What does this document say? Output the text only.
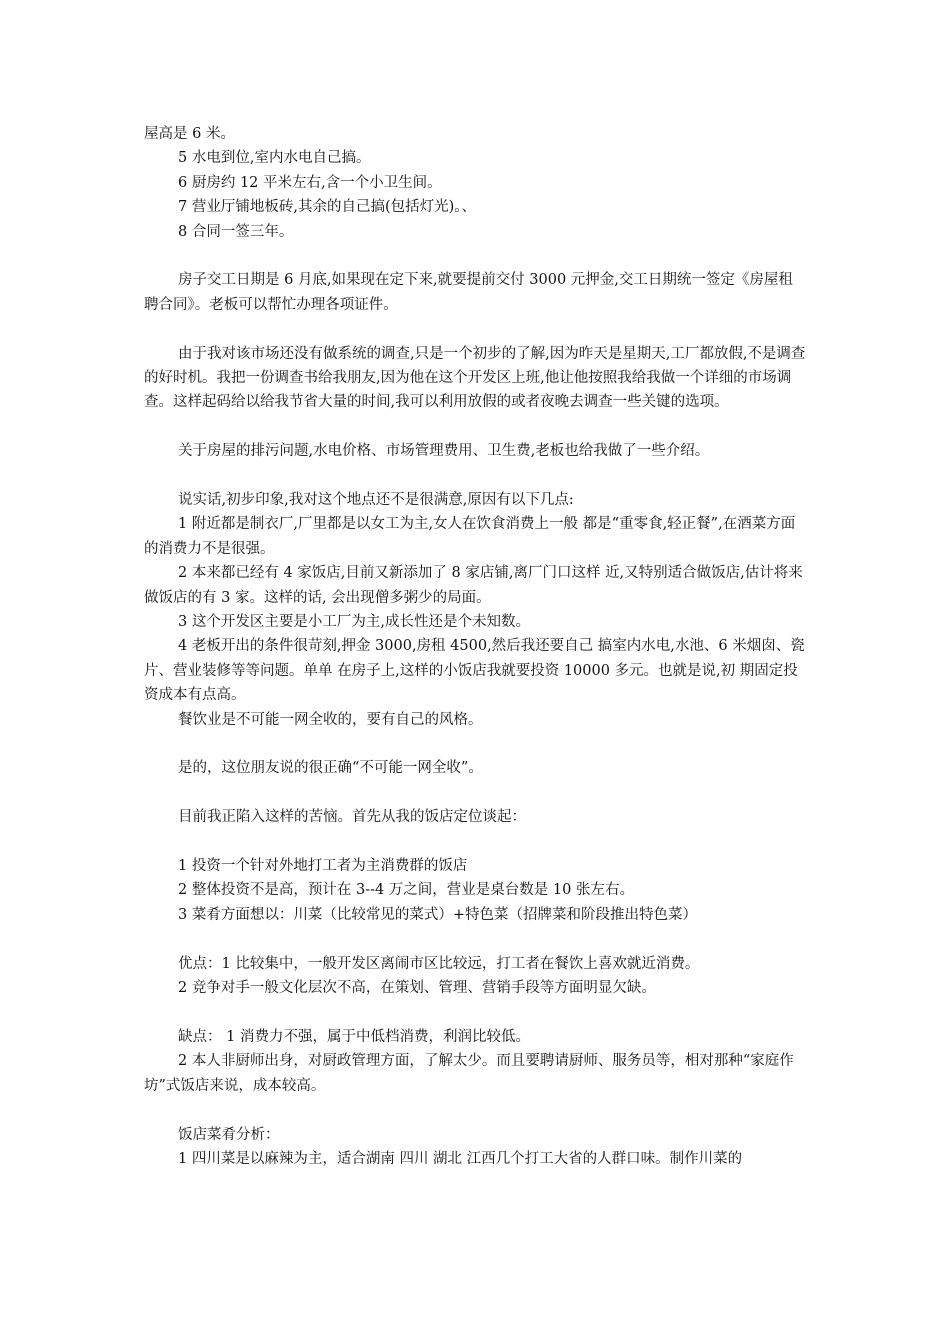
屋高是 6 米。

5 水电到位,室内水电自己搞。

6 厨房约 12 平米左右,含一个小卫生间。

7 营业厅铺地板砖,其余的自己搞(包括灯光)。、

8 合同一签三年。

房子交工日期是 6 月底,如果现在定下来,就要提前交付 3000 元押金,交工日期统一签定《房屋租聘合同》。老板可以帮忙办理各项证件。

由于我对该市场还没有做系统的调查,只是一个初步的了解,因为昨天是星期天,工厂都放假,不是调查的好时机。我把一份调查书给我朋友,因为他在这个开发区上班,他让他按照我给我做一个详细的市场调查。这样起码给以给我节省大量的时间,我可以利用放假的或者夜晚去调查一些关键的选项。

关于房屋的排污问题,水电价格、市场管理费用、卫生费,老板也给我做了一些介绍。

说实话,初步印象,我对这个地点还不是很满意,原因有以下几点:

1 附近都是制衣厂,厂里都是以女工为主,女人在饮食消费上一般 都是“重零食,轻正餐”,在酒菜方面的消费力不是很强。

2 本来都已经有 4 家饭店,目前又新添加了 8 家店铺,离厂门口这样 近,又特别适合做饭店,估计将来做饭店的有 3 家。这样的话, 会出现僧多粥少的局面。

3 这个开发区主要是小工厂为主,成长性还是个未知数。

4 老板开出的条件很苛刻,押金 3000,房租 4500,然后我还要自己 搞室内水电,水池、6 米烟囱、瓷片、营业装修等等问题。单单 在房子上,这样的小饭店我就要投资 10000 多元。也就是说,初 期固定投资成本有点高。

餐饮业是不可能一网全收的，要有自己的风格。

是的，这位朋友说的很正确“不可能一网全收”。

目前我正陷入这样的苦恼。首先从我的饭店定位谈起：

1 投资一个针对外地打工者为主消费群的饭店

2 整体投资不是高，预计在 3--4 万之间，营业是桌台数是 10 张左右。

3 菜肴方面想以：川菜（比较常见的菜式）+特色菜（招牌菜和阶段推出特色菜）

优点：1 比较集中，一般开发区离闹市区比较远，打工者在餐饮上喜欢就近消费。

2 竞争对手一般文化层次不高，在策划、管理、营销手段等方面明显欠缺。

缺点： 1 消费力不强，属于中低档消费，利润比较低。

2 本人非厨师出身，对厨政管理方面，了解太少。而且要聘请厨师、服务员等，相对那种“家庭作坊”式饭店来说，成本较高。

饭店菜肴分析：

1 四川菜是以麻辣为主，适合湖南 四川 湖北 江西几个打工大省的人群口味。制作川菜的
